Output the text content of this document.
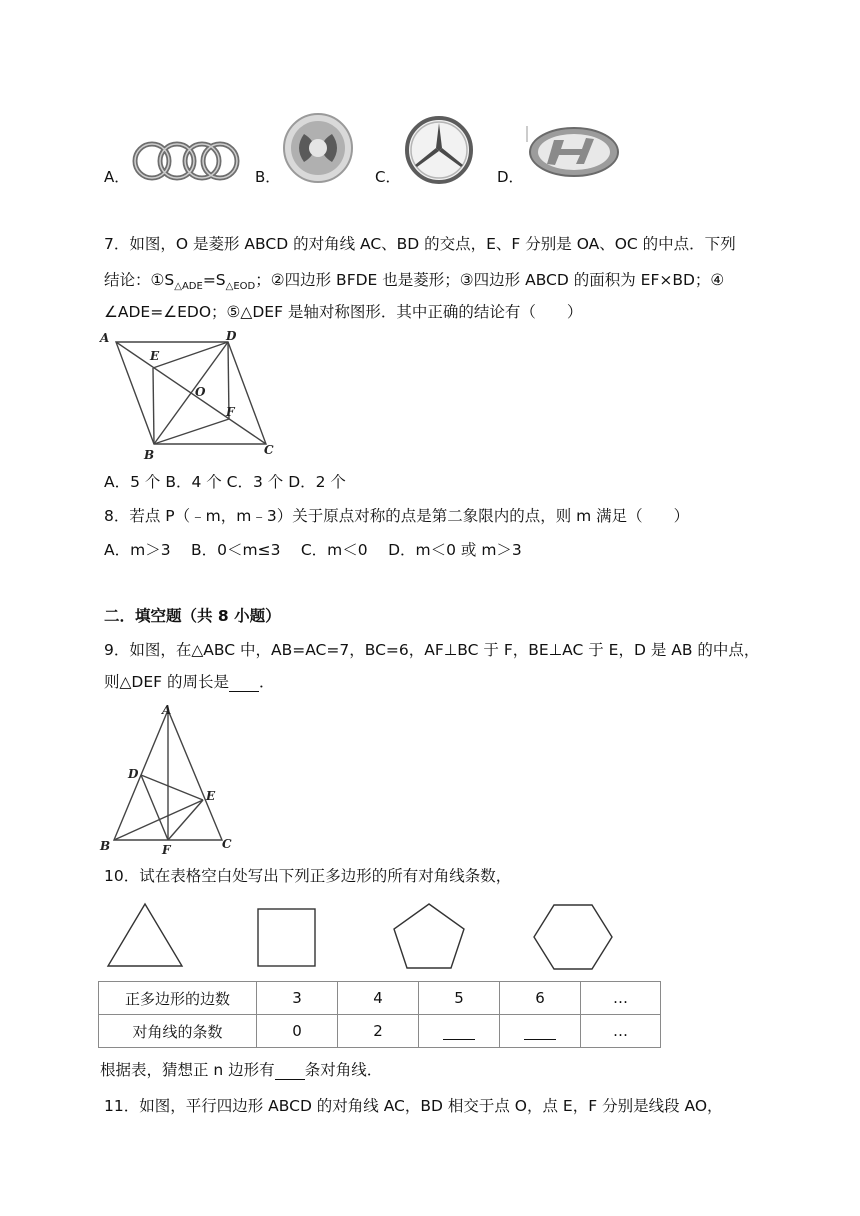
A．	B．	C．	D．
7．如图，O 是菱形 ABCD 的对角线 AC、BD 的交点，E、F 分别是 OA、OC 的中点．下列
结论：$①S_{\triangle ADE}=S_{\triangle EOD}$；②四边形 BFDE 也是菱形；③四边形 ABCD 的面积为 EF×BD；④
∠ADE=∠EDO；⑤△DEF 是轴对称图形．其中正确的结论有（　　）
A	D
E
O
F
B	C
A．5 个 B．4 个 C．3 个 D．2 个
8．若点 P（﹣m，m﹣3）关于原点对称的点是第二象限内的点，则 m 满足（　　）
A．m＞3　 B．0＜m≤3　 C．m＜0　 D．m＜0 或 m＞3
二．填空题（共 8 小题）
9．如图，在△ABC 中，AB=AC=7，BC=6，AF⊥BC 于 F，BE⊥AC 于 E，D 是 AB 的中点，
则△DEF 的周长是 ．
A
D
E
B	F	C
10．试在表格空白处写出下列正多边形的所有对角线条数，
正多边形的边数	3	4	5	6	…
对角线的条数	0	2			…
根据表，猜想正 n 边形有 条对角线．
11．如图，平行四边形 ABCD 的对角线 AC，BD 相交于点 O，点 E，F 分别是线段 AO，
